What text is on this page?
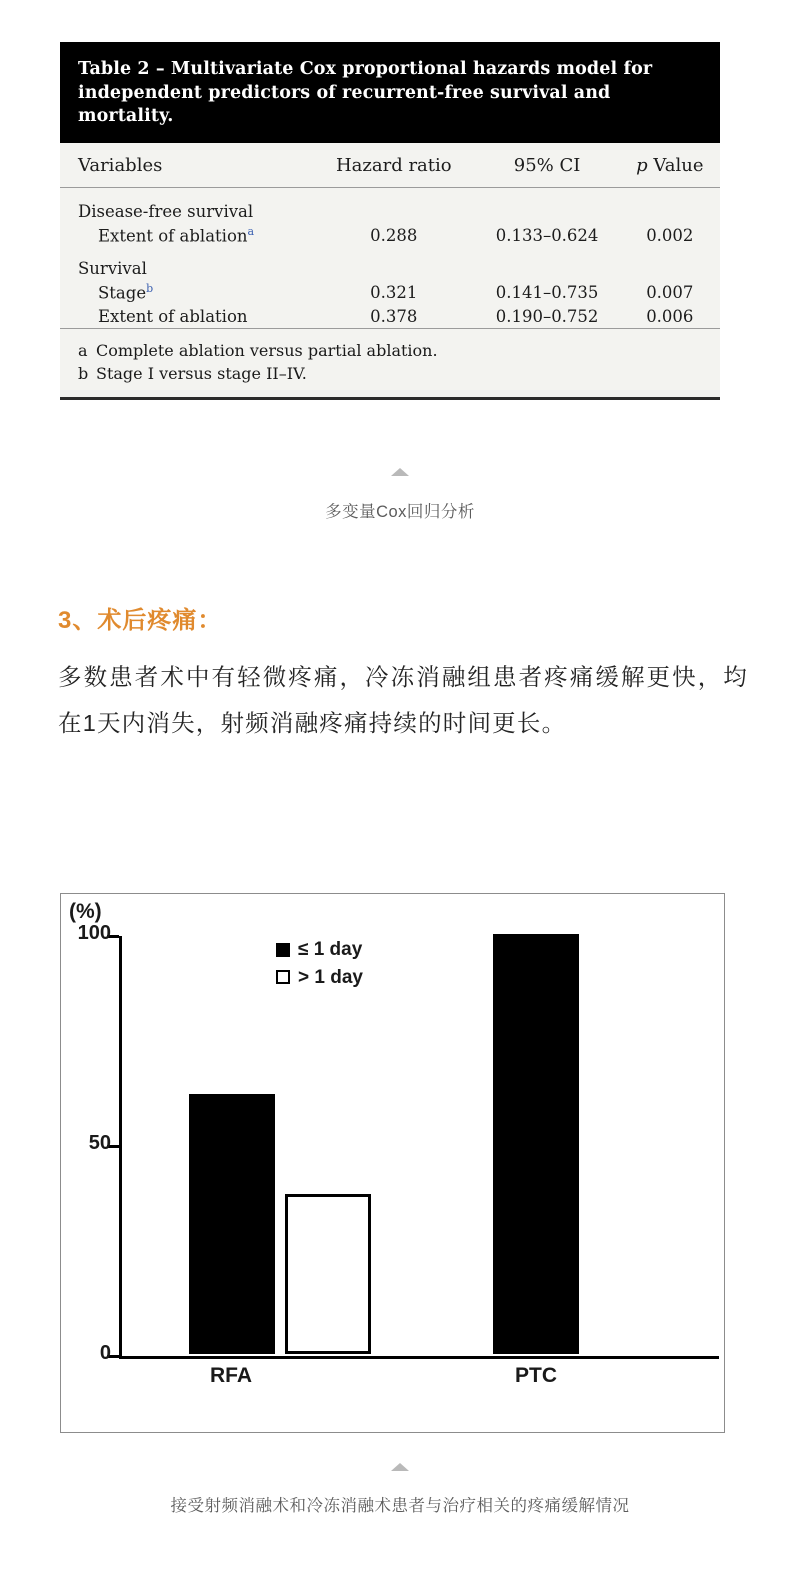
Table 2 – Multivariate Cox proportional hazards model for independent predictors of recurrent-free survival and mortality.
Variables	Hazard ratio	95% CI	p Value
Disease-free survival			
Extent of ablation$^a$	0.288	0.133–0.624	0.002
Survival			
Stage$^b$	0.321	0.141–0.735	0.007
Extent of ablation	0.378	0.190–0.752	0.006
a Complete ablation versus partial ablation.
b Stage I versus stage II–IV.
多变量Cox回归分析
3、术后疼痛：
多数患者术中有轻微疼痛，冷冻消融组患者疼痛缓解更快，均在1天内消失，射频消融疼痛持续的时间更长。
(%)
100
50
0
≤ 1 day
> 1 day
RFA	PTC
接受射频消融术和冷冻消融术患者与治疗相关的疼痛缓解情况
